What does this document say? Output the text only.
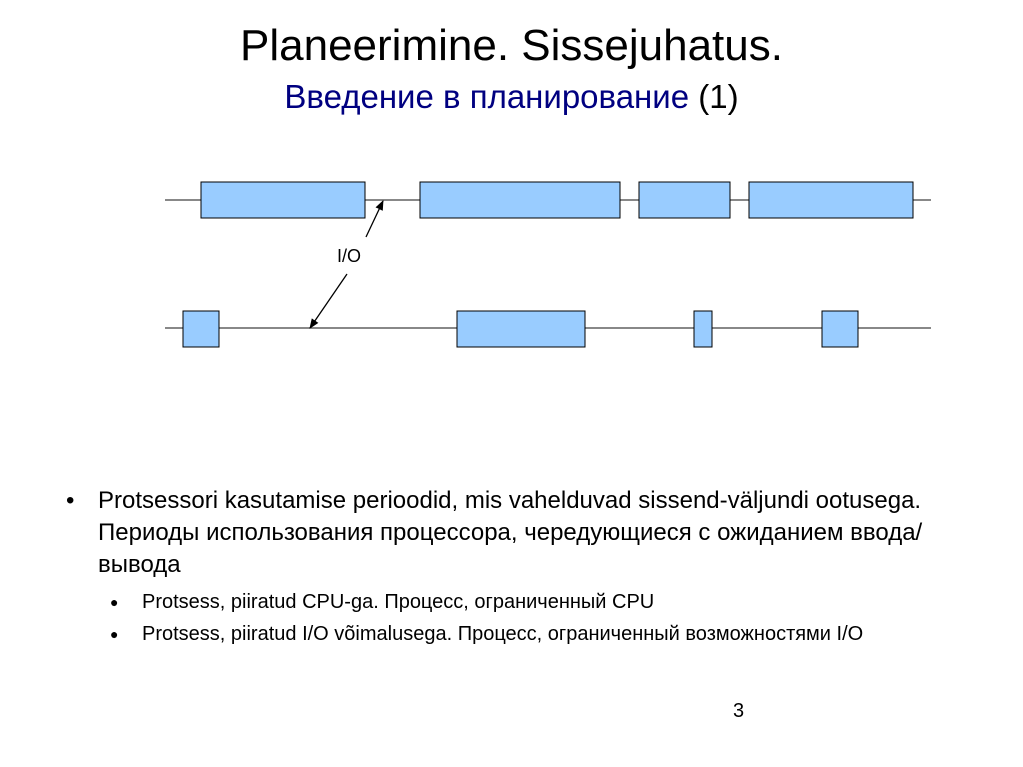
Planeerimine. Sissejuhatus.
Введение в планирование (1)
I/O
• Protsessori kasutamise perioodid, mis vahelduvad sissend-väljundi ootusega. Периоды использования процессора, чередующиеся с ожиданием ввода/вывода
● Protsess, piiratud CPU-ga. Процесс, ограниченный CPU
● Protsess, piiratud I/O võimalusega. Процесс, ограниченный возможностями I/O
3
